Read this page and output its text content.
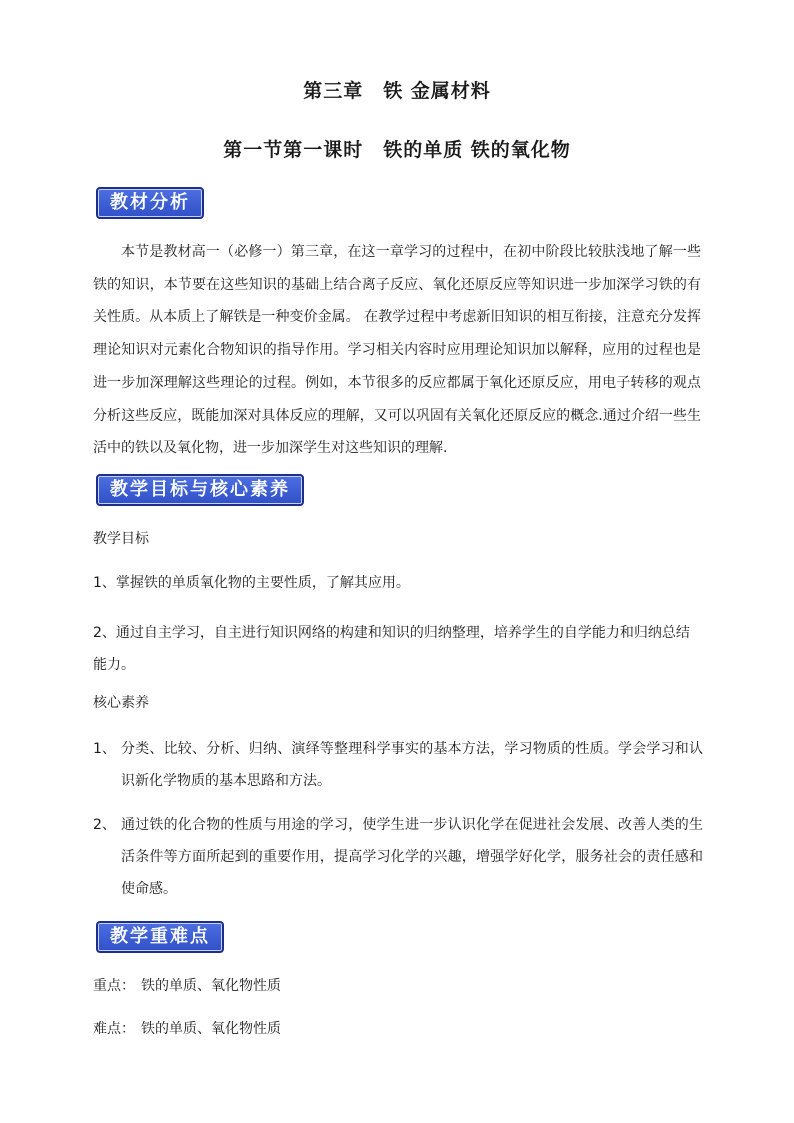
第三章　铁 金属材料
第一节第一课时　铁的单质 铁的氧化物
教材分析
本节是教材高一（必修一）第三章，在这一章学习的过程中，在初中阶段比较肤浅地了解一些铁的知识，本节要在这些知识的基础上结合离子反应、氧化还原反应等知识进一步加深学习铁的有关性质。从本质上了解铁是一种变价金属。 在教学过程中考虑新旧知识的相互衔接，注意充分发挥理论知识对元素化合物知识的指导作用。学习相关内容时应用理论知识加以解释，应用的过程也是进一步加深理解这些理论的过程。例如，本节很多的反应都属于氧化还原反应，用电子转移的观点分析这些反应，既能加深对具体反应的理解，又可以巩固有关氧化还原反应的概念.通过介绍一些生活中的铁以及氧化物，进一步加深学生对这些知识的理解.
教学目标与核心素养
教学目标
1、掌握铁的单质氧化物的主要性质，了解其应用。
2、通过自主学习，自主进行知识网络的构建和知识的归纳整理，培养学生的自学能力和归纳总结能力。
核心素养
1、 分类、比较、分析、归纳、演绎等整理科学事实的基本方法，学习物质的性质。学会学习和认识新化学物质的基本思路和方法。
2、 通过铁的化合物的性质与用途的学习，使学生进一步认识化学在促进社会发展、改善人类的生活条件等方面所起到的重要作用，提高学习化学的兴趣，增强学好化学，服务社会的责任感和使命感。
教学重难点
重点： 铁的单质、氧化物性质
难点： 铁的单质、氧化物性质
